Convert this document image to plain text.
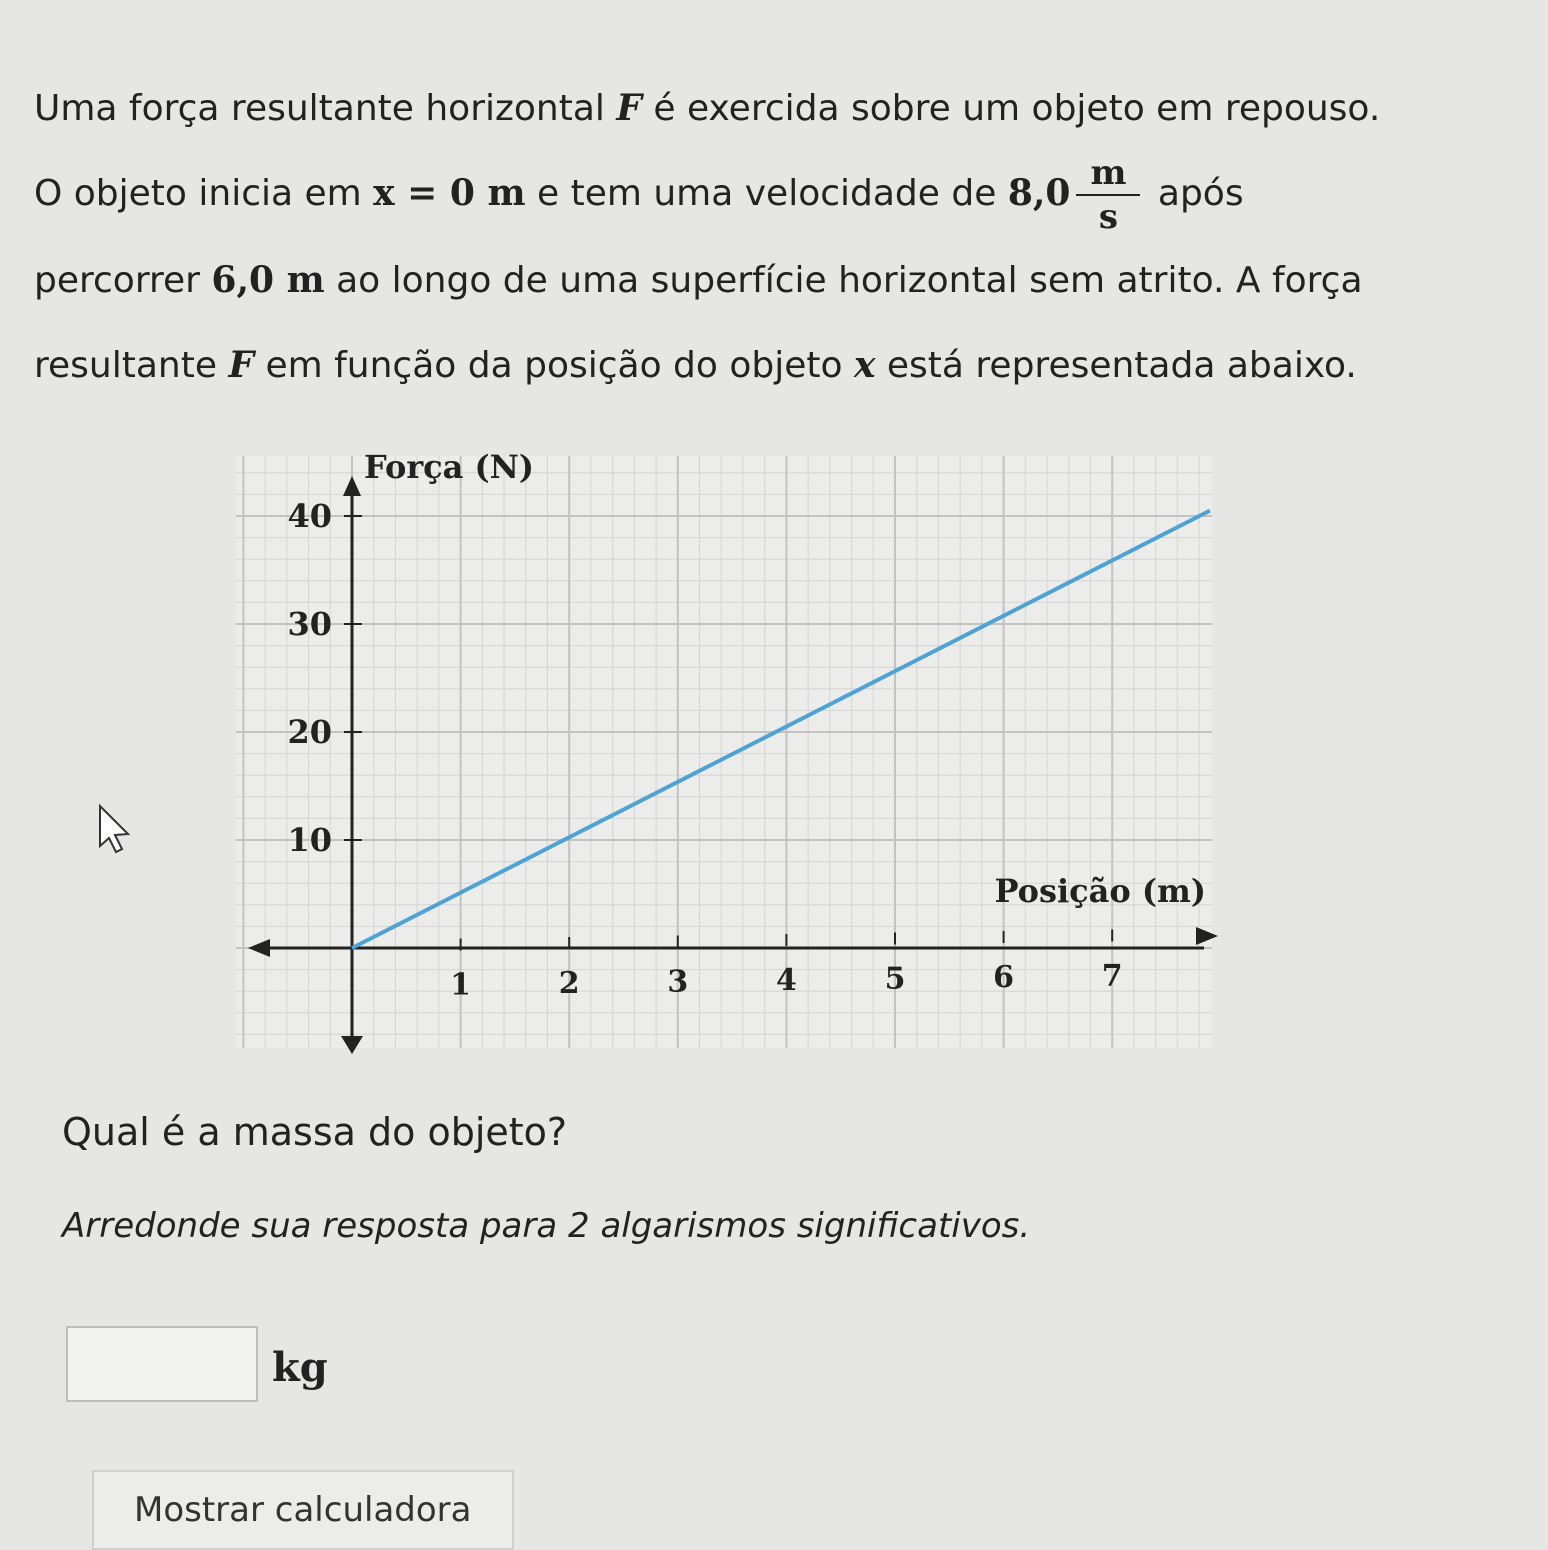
Uma força resultante horizontal F é exercida sobre um objeto em repouso.
O objeto inicia em x = 0 m e tem uma velocidade de $8,0 \frac{m}{s}$ após
percorrer 6,0 m ao longo de uma superfície horizontal sem atrito. A força
resultante F em função da posição do objeto x está representada abaixo.
1	2	3	4	5	6	7
10
20
30
40
Força (N)
Posição (m)
Qual é a massa do objeto?

Arredonde sua resposta para 2 algarismos significativos.

kg
Mostrar calculadora
